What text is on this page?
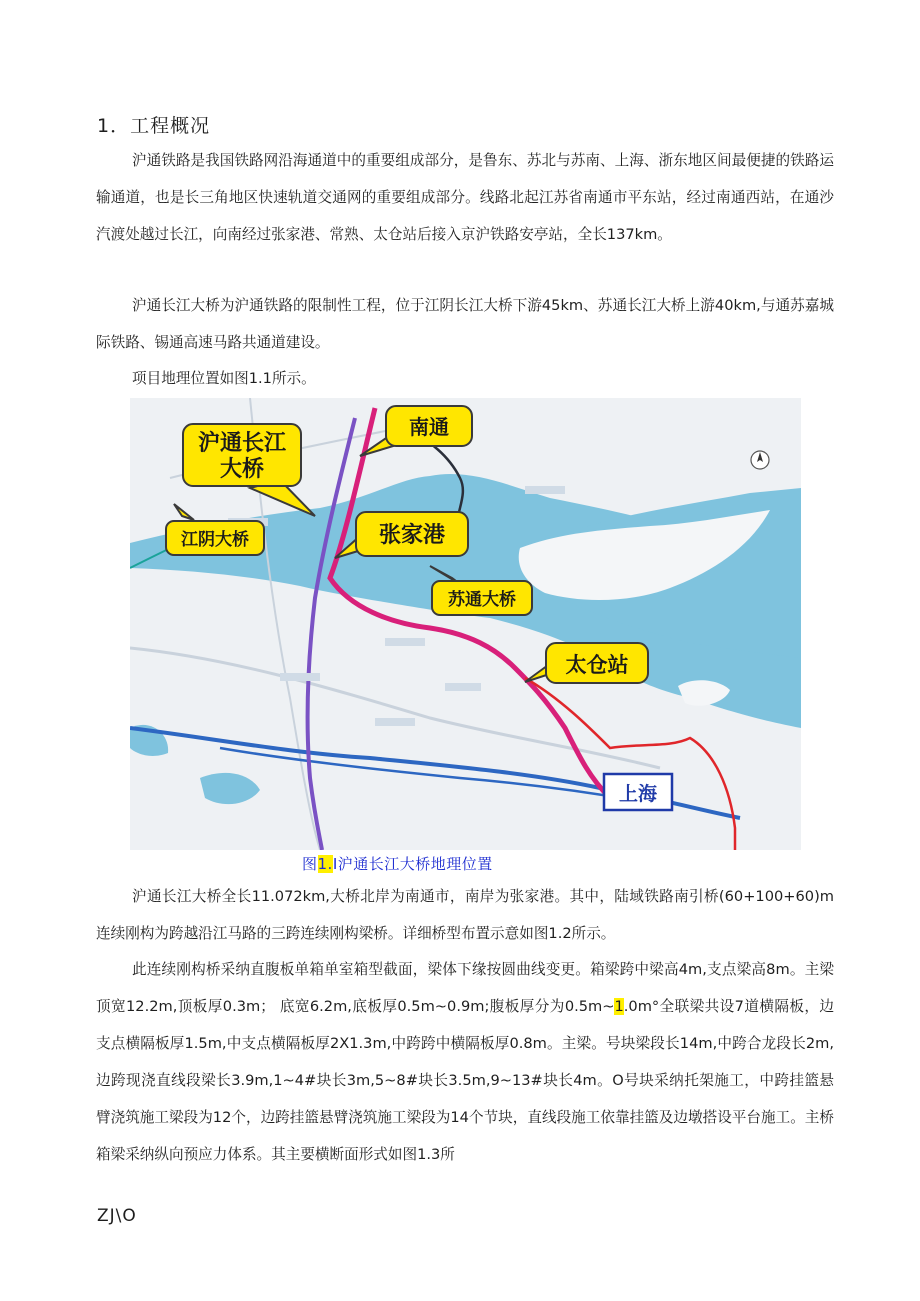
1．工程概况

沪通铁路是我国铁路网沿海通道中的重要组成部分，是鲁东、苏北与苏南、上海、浙东地区间最便捷的铁路运输通道，也是长三角地区快速轨道交通网的重要组成部分。线路北起江苏省南通市平东站，经过南通西站，在通沙汽渡处越过长江，向南经过张家港、常熟、太仓站后接入京沪铁路安亭站，全长137km。

沪通长江大桥为沪通铁路的限制性工程，位于江阴长江大桥下游45km、苏通长江大桥上游40km,与通苏嘉城际铁路、锡通高速马路共通道建设。

项目地理位置如图1.1所示。

沪通长江
大桥
南通
张家港
江阴大桥
苏通大桥
太仓站
上海
图1.I沪通长江大桥地理位置

沪通长江大桥全长11.072km,大桥北岸为南通市，南岸为张家港。其中，陆域铁路南引桥(60+100+60)m连续刚构为跨越沿江马路的三跨连续刚构梁桥。详细桥型布置示意如图1.2所示。

此连续刚构桥采纳直腹板单箱单室箱型截面，梁体下缘按圆曲线变更。箱梁跨中梁高4m,支点梁高8m。主梁顶宽12.2m,顶板厚0.3m； 底宽6.2m,底板厚0.5m~0.9m;腹板厚分为0.5m~1.0m°全联梁共设7道横隔板，边支点横隔板厚1.5m,中支点横隔板厚2X1.3m,中跨跨中横隔板厚0.8m。主梁。号块梁段长14m,中跨合龙段长2m,边跨现浇直线段梁长3.9m,1~4#块长3m,5~8#块长3.5m,9~13#块长4m。O号块采纳托架施工，中跨挂篮悬臂浇筑施工梁段为12个，边跨挂篮悬臂浇筑施工梁段为14个节块，直线段施工依靠挂篮及边墩搭设平台施工。主桥箱梁采纳纵向预应力体系。其主要横断面形式如图1.3所

ZJ\O
